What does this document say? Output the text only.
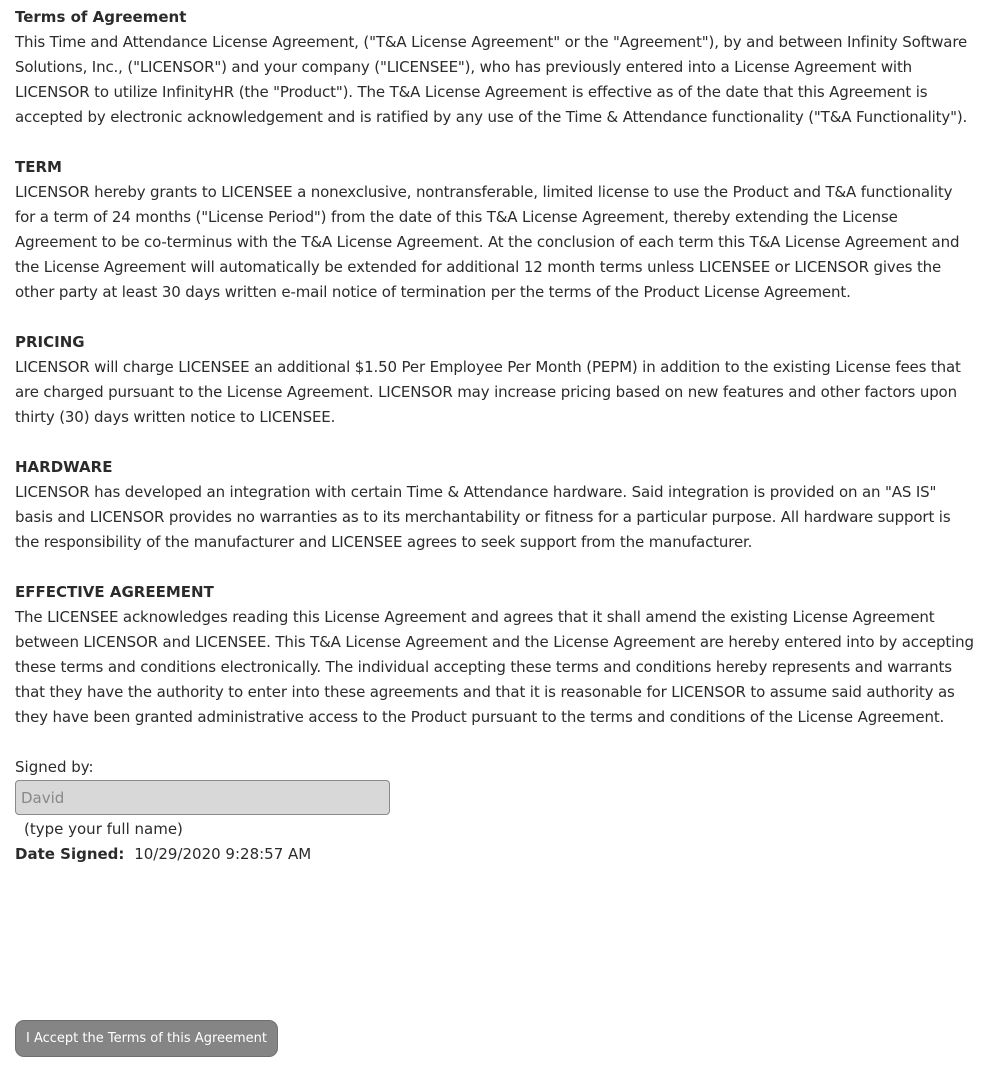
Terms of Agreement
This Time and Attendance License Agreement, ("T&A License Agreement" or the "Agreement"), by and between Infinity Software Solutions, Inc., ("LICENSOR") and your company ("LICENSEE"), who has previously entered into a License Agreement with LICENSOR to utilize InfinityHR (the "Product"). The T&A License Agreement is effective as of the date that this Agreement is accepted by electronic acknowledgement and is ratified by any use of the Time & Attendance functionality ("T&A Functionality").
TERM
LICENSOR hereby grants to LICENSEE a nonexclusive, nontransferable, limited license to use the Product and T&A functionality for a term of 24 months ("License Period") from the date of this T&A License Agreement, thereby extending the License Agreement to be co-terminus with the T&A License Agreement. At the conclusion of each term this T&A License Agreement and the License Agreement will automatically be extended for additional 12 month terms unless LICENSEE or LICENSOR gives the other party at least 30 days written e-mail notice of termination per the terms of the Product License Agreement.
PRICING
LICENSOR will charge LICENSEE an additional $1.50 Per Employee Per Month (PEPM) in addition to the existing License fees that are charged pursuant to the License Agreement. LICENSOR may increase pricing based on new features and other factors upon thirty (30) days written notice to LICENSEE.
HARDWARE
LICENSOR has developed an integration with certain Time & Attendance hardware. Said integration is provided on an "AS IS" basis and LICENSOR provides no warranties as to its merchantability or fitness for a particular purpose. All hardware support is the responsibility of the manufacturer and LICENSEE agrees to seek support from the manufacturer.
EFFECTIVE AGREEMENT
The LICENSEE acknowledges reading this License Agreement and agrees that it shall amend the existing License Agreement between LICENSOR and LICENSEE. This T&A License Agreement and the License Agreement are hereby entered into by accepting these terms and conditions electronically. The individual accepting these terms and conditions hereby represents and warrants that they have the authority to enter into these agreements and that it is reasonable for LICENSOR to assume said authority as they have been granted administrative access to the Product pursuant to the terms and conditions of the License Agreement.
Signed by:
David
(type your full name)
Date Signed: 10/29/2020 9:28:57 AM
I Accept the Terms of this Agreement
